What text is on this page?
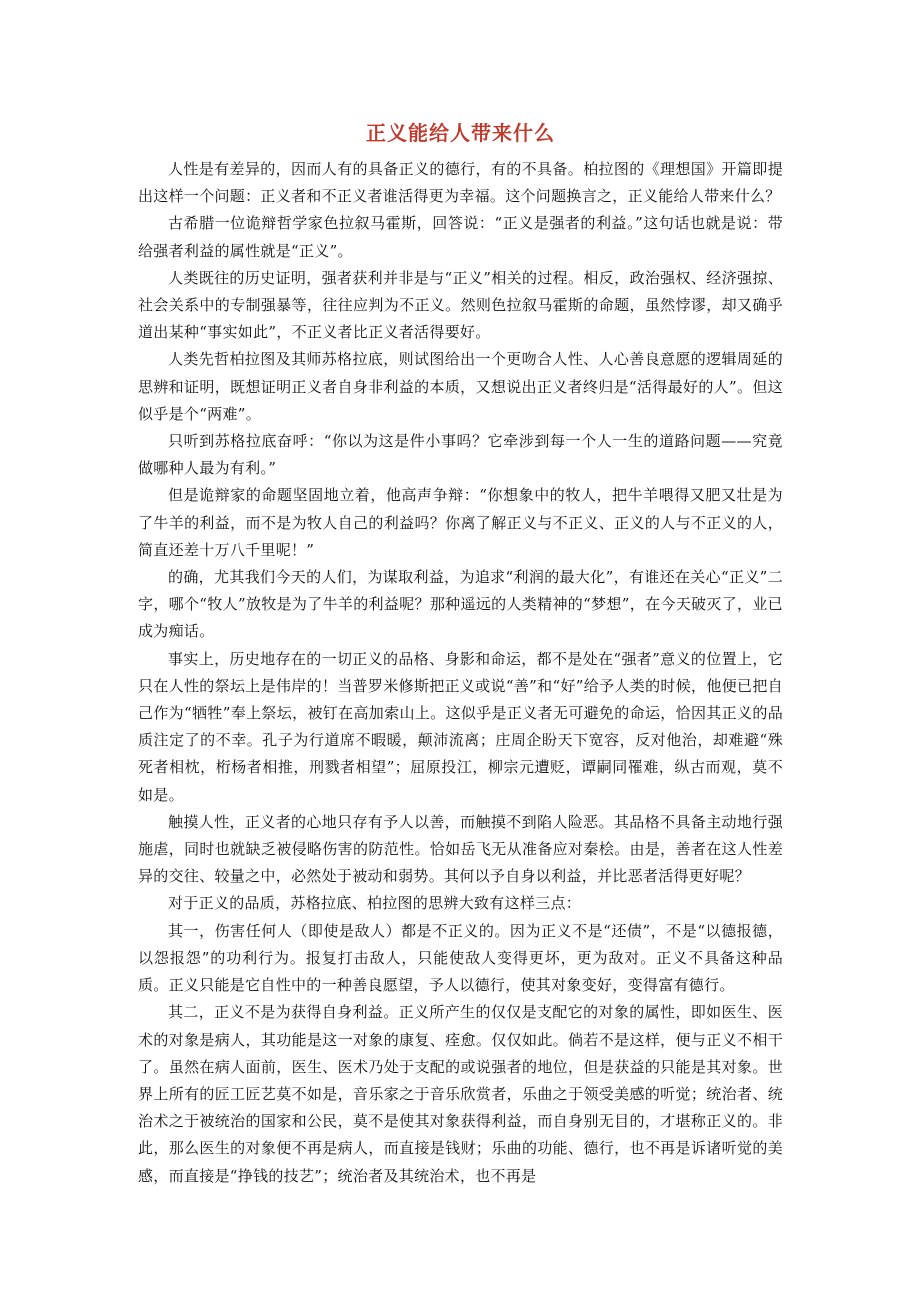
正义能给人带来什么

人性是有差异的，因而人有的具备正义的德行，有的不具备。柏拉图的《理想国》开篇即提出这样一个问题：正义者和不正义者谁活得更为幸福。这个问题换言之，正义能给人带来什么？

古希腊一位诡辩哲学家色拉叙马霍斯，回答说：“正义是强者的利益。”这句话也就是说：带给强者利益的属性就是“正义”。

人类既往的历史证明，强者获利并非是与“正义”相关的过程。相反，政治强权、经济强掠、社会关系中的专制强暴等，往往应判为不正义。然则色拉叙马霍斯的命题，虽然悖谬，却又确乎道出某种“事实如此”，不正义者比正义者活得要好。

人类先哲柏拉图及其师苏格拉底，则试图给出一个更吻合人性、人心善良意愿的逻辑周延的思辨和证明，既想证明正义者自身非利益的本质，又想说出正义者终归是“活得最好的人”。但这似乎是个“两难”。

只听到苏格拉底奋呼：“你以为这是件小事吗？它牵涉到每一个人一生的道路问题——究竟做哪种人最为有利。”

但是诡辩家的命题坚固地立着，他高声争辩：“你想象中的牧人，把牛羊喂得又肥又壮是为了牛羊的利益，而不是为牧人自己的利益吗？你离了解正义与不正义、正义的人与不正义的人，简直还差十万八千里呢！”

的确，尤其我们今天的人们，为谋取利益，为追求“利润的最大化”，有谁还在关心“正义”二字，哪个“牧人”放牧是为了牛羊的利益呢？那种遥远的人类精神的“梦想”，在今天破灭了，业已成为痴话。

事实上，历史地存在的一切正义的品格、身影和命运，都不是处在“强者”意义的位置上，它只在人性的祭坛上是伟岸的！当普罗米修斯把正义或说“善”和“好”给予人类的时候，他便已把自己作为“牺牲”奉上祭坛，被钉在高加索山上。这似乎是正义者无可避免的命运，恰因其正义的品质注定了的不幸。孔子为行道席不暇暖，颠沛流离；庄周企盼天下宽容，反对他治，却难避“殊死者相枕，桁杨者相推，刑戮者相望”；屈原投江，柳宗元遭贬，谭嗣同罹难，纵古而观，莫不如是。

触摸人性，正义者的心地只存有予人以善，而触摸不到陷人险恶。其品格不具备主动地行强施虐，同时也就缺乏被侵略伤害的防范性。恰如岳飞无从准备应对秦桧。由是，善者在这人性差异的交往、较量之中，必然处于被动和弱势。其何以予自身以利益，并比恶者活得更好呢？

对于正义的品质，苏格拉底、柏拉图的思辨大致有这样三点：

其一，伤害任何人（即使是敌人）都是不正义的。因为正义不是“还债”，不是“以德报德，以怨报怨”的功利行为。报复打击敌人，只能使敌人变得更坏，更为敌对。正义不具备这种品质。正义只能是它自性中的一种善良愿望，予人以德行，使其对象变好，变得富有德行。

其二，正义不是为获得自身利益。正义所产生的仅仅是支配它的对象的属性，即如医生、医术的对象是病人，其功能是这一对象的康复、痊愈。仅仅如此。倘若不是这样，便与正义不相干了。虽然在病人面前，医生、医术乃处于支配的或说强者的地位，但是获益的只能是其对象。世界上所有的匠工匠艺莫不如是，音乐家之于音乐欣赏者，乐曲之于领受美感的听觉；统治者、统治术之于被统治的国家和公民，莫不是使其对象获得利益，而自身别无目的，才堪称正义的。非此，那么医生的对象便不再是病人，而直接是钱财；乐曲的功能、德行，也不再是诉诸听觉的美感，而直接是“挣钱的技艺”；统治者及其统治术，也不再是
